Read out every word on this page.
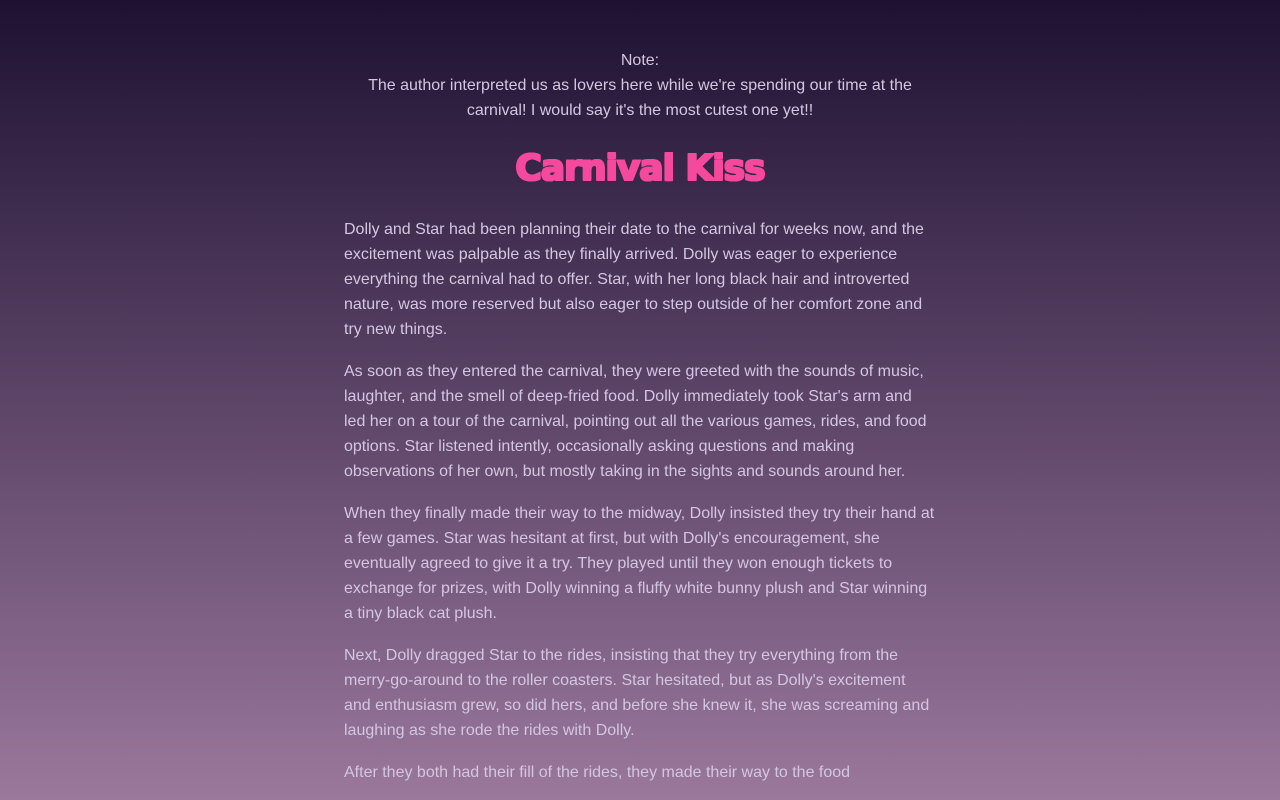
Note:
The author interpreted us as lovers here while we're spending our time at the carnival! I would say it's the most cutest one yet!!
Carnival Kiss

Dolly and Star had been planning their date to the carnival for weeks now, and the excitement was palpable as they finally arrived. Dolly was eager to experience everything the carnival had to offer. Star, with her long black hair and introverted nature, was more reserved but also eager to step outside of her comfort zone and try new things.

As soon as they entered the carnival, they were greeted with the sounds of music, laughter, and the smell of deep-fried food. Dolly immediately took Star's arm and led her on a tour of the carnival, pointing out all the various games, rides, and food options. Star listened intently, occasionally asking questions and making observations of her own, but mostly taking in the sights and sounds around her.

When they finally made their way to the midway, Dolly insisted they try their hand at a few games. Star was hesitant at first, but with Dolly's encouragement, she eventually agreed to give it a try. They played until they won enough tickets to exchange for prizes, with Dolly winning a fluffy white bunny plush and Star winning a tiny black cat plush.

Next, Dolly dragged Star to the rides, insisting that they try everything from the merry-go-around to the roller coasters. Star hesitated, but as Dolly's excitement and enthusiasm grew, so did hers, and before she knew it, she was screaming and laughing as she rode the rides with Dolly.

After they both had their fill of the rides, they made their way to the food
